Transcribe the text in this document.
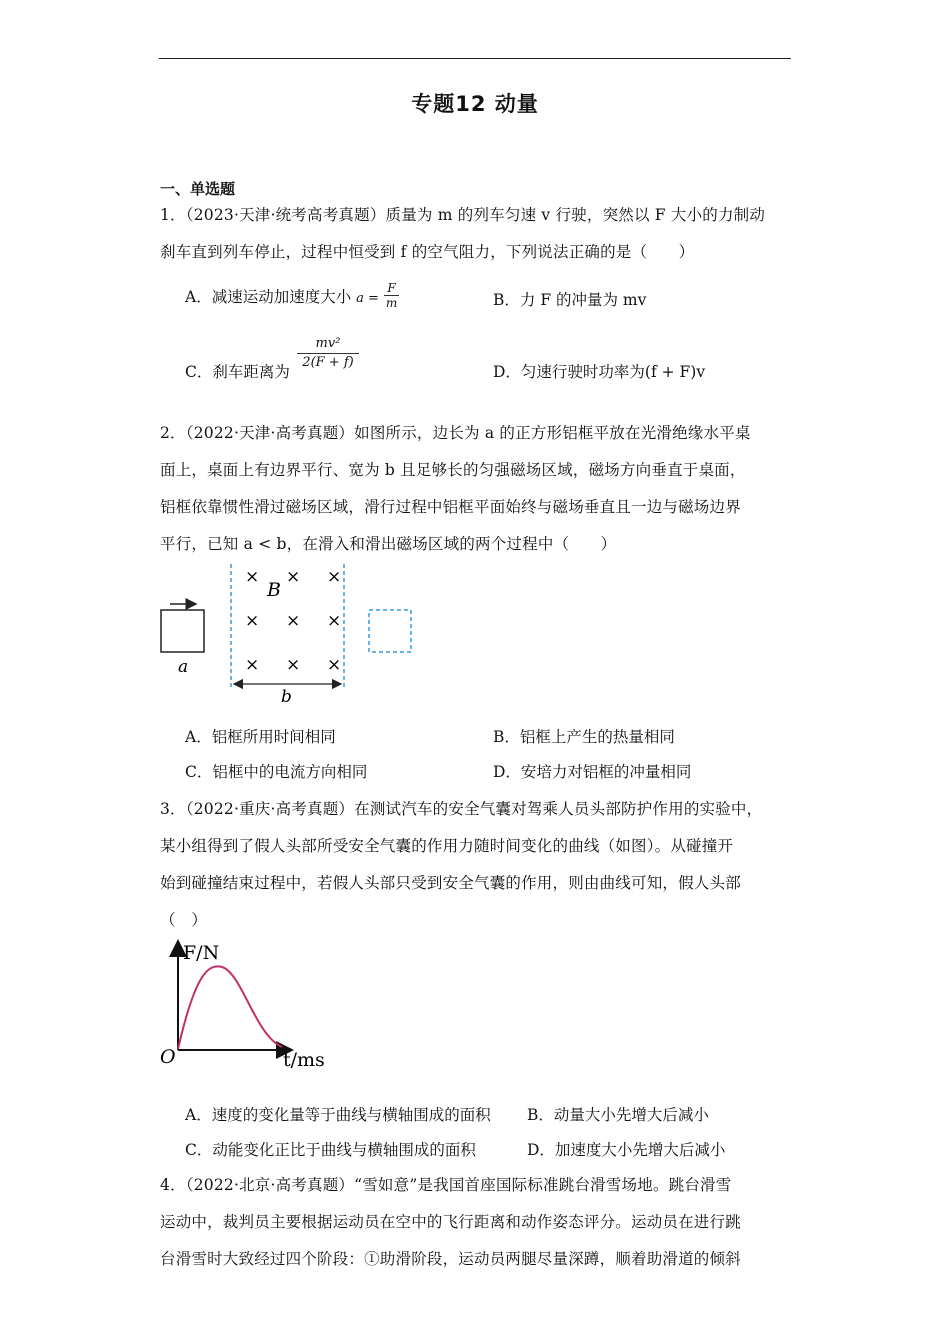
专题12 动量
一、单选题
1．（2023·天津·统考高考真题）质量为 m 的列车匀速 v 行驶，突然以 F 大小的力制动
刹车直到列车停止，过程中恒受到 f 的空气阻力，下列说法正确的是（　　）
A．减速运动加速度大小 $a = \frac{F}{m}$	B．力 F 的冲量为 mv
C．刹车距离为 $\frac{\text{mv²}}{2(F + f)}$	D．匀速行驶时功率为(f + F)v
2．（2022·天津·高考真题）如图所示，边长为 a 的正方形铝框平放在光滑绝缘水平桌
面上，桌面上有边界平行、宽为 b 且足够长的匀强磁场区域，磁场方向垂直于桌面，
铝框依靠惯性滑过磁场区域，滑行过程中铝框平面始终与磁场垂直且一边与磁场边界
平行，已知 a < b，在滑入和滑出磁场区域的两个过程中（　　）
a
× × ×
× × ×
× × ×
B
b
A．铝框所用时间相同	B．铝框上产生的热量相同
C．铝框中的电流方向相同	D．安培力对铝框的冲量相同
3．（2022·重庆·高考真题）在测试汽车的安全气囊对驾乘人员头部防护作用的实验中，
某小组得到了假人头部所受安全气囊的作用力随时间变化的曲线（如图）。从碰撞开
始到碰撞结束过程中，若假人头部只受到安全气囊的作用，则由曲线可知，假人头部
（　）
F/N
t/ms
O
A．速度的变化量等于曲线与横轴围成的面积 B．动量大小先增大后减小
C．动能变化正比于曲线与横轴围成的面积	D．加速度大小先增大后减小
4．（2022·北京·高考真题）“雪如意”是我国首座国际标准跳台滑雪场地。跳台滑雪
运动中，裁判员主要根据运动员在空中的飞行距离和动作姿态评分。运动员在进行跳
台滑雪时大致经过四个阶段：①助滑阶段，运动员两腿尽量深蹲，顺着助滑道的倾斜
